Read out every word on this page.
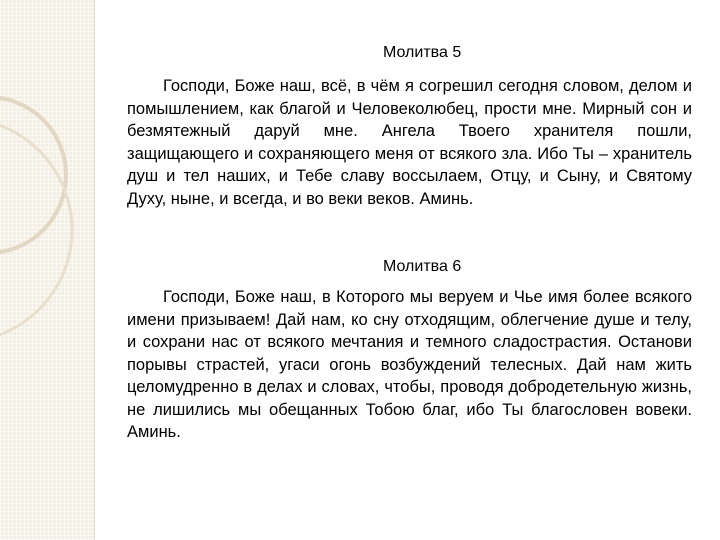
Молитва 5

Господи, Боже наш, всё, в чём я согрешил сегодня словом, делом и помышлением, как благой и Человеколюбец, прости мне. Мирный сон и безмятежный даруй мне. Ангела Твоего хранителя пошли, защищающего и сохраняющего меня от всякого зла. Ибо Ты – хранитель душ и тел наших, и Тебе славу воссылаем, Отцу, и Сыну, и Святому Духу, ныне, и всегда, и во веки веков. Аминь.

Молитва 6

Господи, Боже наш, в Которого мы веруем и Чье имя более всякого имени призываем! Дай нам, ко сну отходящим, облегчение душе и телу, и сохрани нас от всякого мечтания и темного сладострастия. Останови порывы страстей, угаси огонь возбуждений телесных. Дай нам жить целомудренно в делах и словах, чтобы, проводя добродетельную жизнь, не лишились мы обещанных Тобою благ, ибо Ты благословен вовеки. Аминь.
